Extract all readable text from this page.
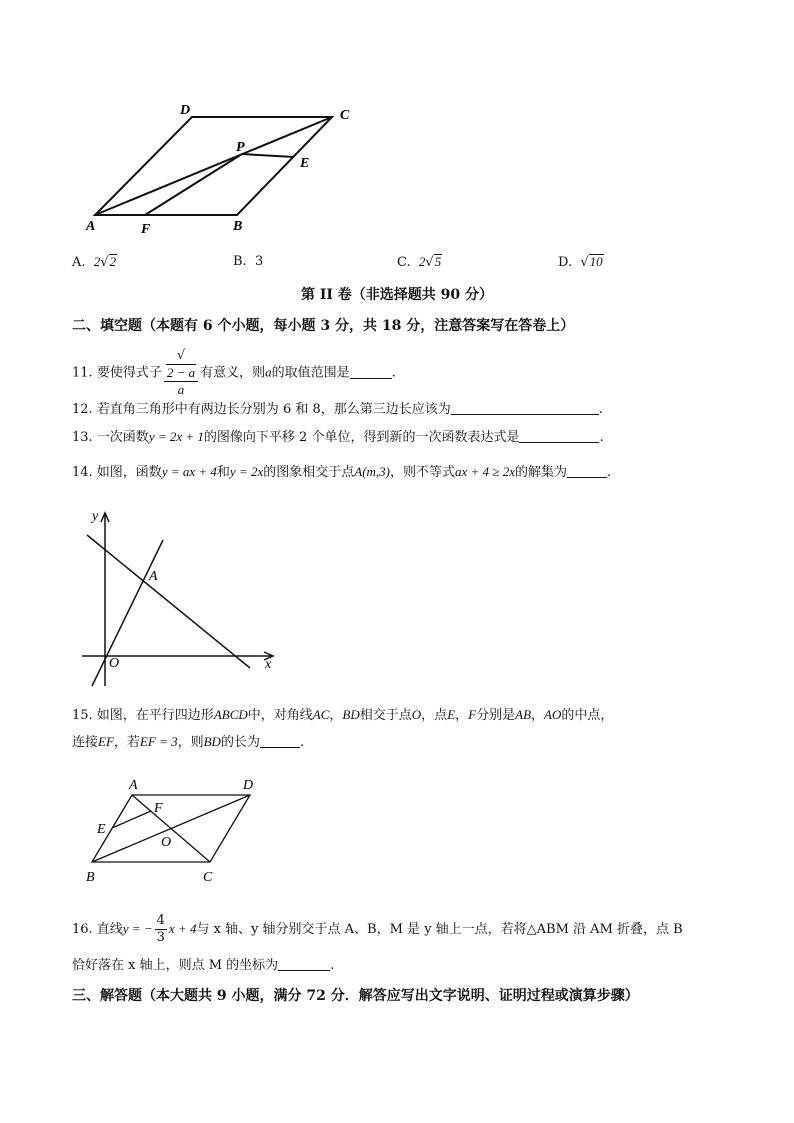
D	C
P
E
A	F	B
A. 2√2	B. 3	C. 2√5	D. √10
第 II 卷（非选择题共 90 分）
二、填空题（本题有 6 个小题，每小题 3 分，共 18 分，注意答案写在答卷上）
11. 要使得式子 √
2 − a
a 有意义，则a的取值范围是	.
12. 若直角三角形中有两边长分别为 6 和 8，那么第三边长应该为	.
13. 一次函数y = 2x + 1的图像向下平移 2 个单位，得到新的一次函数表达式是	.
14. 如图，函数y = ax + 4和y = 2x的图象相交于点A(m,3)，则不等式ax + 4 ≥ 2x的解集为	.
y
x
O
A
15. 如图，在平行四边形ABCD中，对角线AC，BD相交于点O，点E，F分别是AB，AO的中点，
连接EF，若EF = 3，则BD的长为	.
A	D
F
E
O
B	C
16. 直线y = − $\frac{4}{3}$ x + 4与 x 轴、y 轴分别交于点 A、B，M 是 y 轴上一点，若将△ABM 沿 AM 折叠，点 B
恰好落在 x 轴上，则点 M 的坐标为	.
三、解答题（本大题共 9 小题，满分 72 分．解答应写出文字说明、证明过程或演算步骤）
